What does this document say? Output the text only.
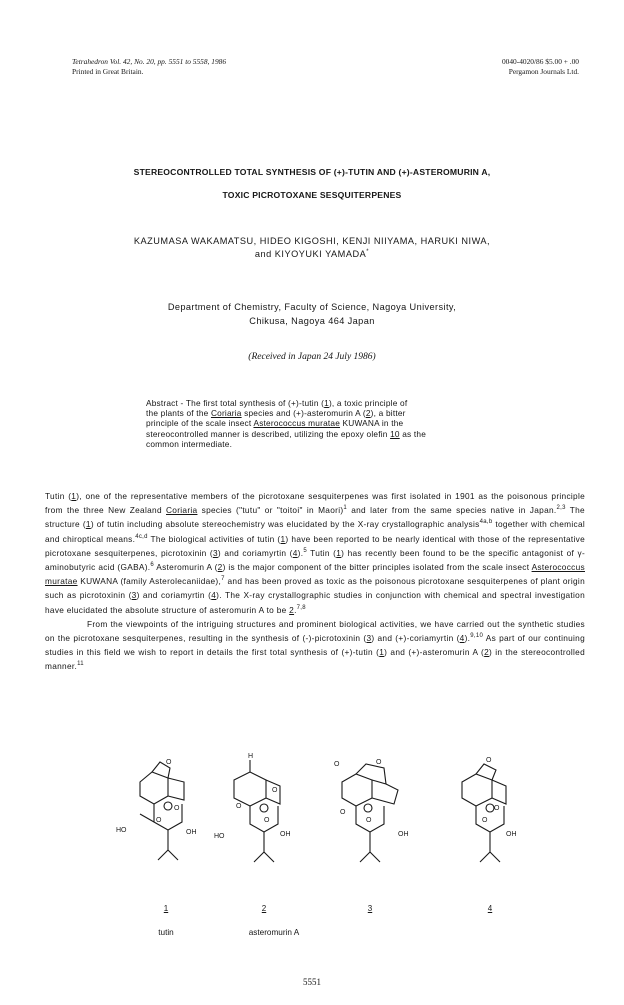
Tetrahedron Vol. 42, No. 20, pp. 5551 to 5558, 1986
Printed in Great Britain.
0040-4020/86 $5.00 + .00
Pergamon Journals Ltd.
STEREOCONTROLLED TOTAL SYNTHESIS OF (+)-TUTIN AND (+)-ASTEROMURIN A,
TOXIC PICROTOXANE SESQUITERPENES
KAZUMASA WAKAMATSU, HIDEO KIGOSHI, KENJI NIIYAMA, HARUKI NIWA,
and KIYOYUKI YAMADA*
Department of Chemistry, Faculty of Science, Nagoya University,
Chikusa, Nagoya 464 Japan
(Received in Japan 24 July 1986)
Abstract - The first total synthesis of (+)-tutin (1), a toxic principle of
the plants of the Coriaria species and (+)-asteromurin A (2), a bitter
principle of the scale insect Asterococcus muratae KUWANA in the
stereocontrolled manner is described, utilizing the epoxy olefin 10 as the
common intermediate.

Tutin (1), one of the representative members of the picrotoxane sesquiterpenes was first isolated in 1901 as the poisonous principle from the three New Zealand Coriaria species ("tutu" or "toitoi" in Maori)$^1$ and later from the same species native in Japan.$^{2,3}$ The structure (1) of tutin including absolute stereochemistry was elucidated by the X-ray crystallographic analysis$^{4a,b}$ together with chemical and chiroptical means.$^{4c,d}$ The biological activities of tutin (1) have been reported to be nearly identical with those of the representative picrotoxane sesquiterpenes, picrotoxinin (3) and coriamyrtin (4).$^5$ Tutin (1) has recently been found to be the specific antagonist of γ-aminobutyric acid (GABA).$^6$ Asteromurin A (2) is the major component of the bitter principles isolated from the scale insect Asterococcus muratae KUWANA (family Asterolecaniidae),$^7$ and has been proved as toxic as the poisonous picrotoxane sesquiterpenes of plant origin such as picrotoxinin (3) and coriamyrtin (4). The X-ray crystallographic studies in conjunction with chemical and spectral investigation have elucidated the absolute structure of asteromurin A to be 2.$^{7,8}$

From the viewpoints of the intriguing structures and prominent biological activities, we have carried out the synthetic studies on the picrotoxane sesquiterpenes, resulting in the synthesis of (-)-picrotoxinin (3) and (+)-coriamyrtin (4).$^{9,10}$ As part of our continuing studies in this field we wish to report in details the first total synthesis of (+)-tutin (1) and (+)-asteromurin A (2) in the stereocontrolled manner.$^{11}$

HO
O
OH
O
O
H
HO
O
OH
O
O
O	O
OH
O
O
O
OH
O
O
1	2	3	4
tutin	asteromurin A
5551
